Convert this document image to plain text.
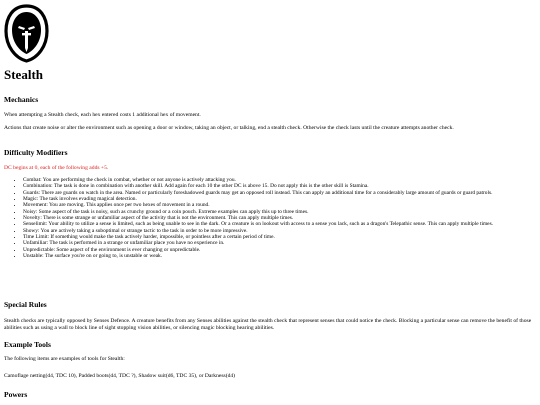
Stealth
Mechanics

When attempting a Stealth check, each hex entered costs 1 additional hex of movement.

Actions that create noise or alter the environment such as opening a door or window, taking an object, or talking, end a stealth check. Otherwise the check lasts until the creature attempts another check.

Difficulty Modifiers

DC begins at 0, each of the following adds +5.

• Combat: You are performing the check in combat, whether or not anyone is actively attacking you.
• Combination: The task is done in combination with another skill. Add again for each 10 the other DC is above 15. Do not apply this is the other skill is Stamina.
• Guards: There are guards on watch in the area. Named or particularly foreshadowed guards may get an opposed roll instead. This can apply an additional time for a considerably large amount of guards or guard patrols.
• Magic: The task involves evading magical detection.
• Movement: You are moving. This applies once per two hexes of movement in a round.
• Noisy: Some aspect of the task is noisy, such as crunchy ground or a coin pouch. Extreme examples can apply this up to three times.
• Novelty: There is some strange or unfamiliar aspect of the activity that is not the environment. This can apply multiple times.
• Senselimit: Your ability to utilize a sense is limited, such as being unable to see in the dark. Or a creature is on lookout with access to a sense you lack, such as a dragon's Telepathic sense. This can apply multiple times.
• Showy: You are actively taking a suboptimal or strange tactic to the task in order to be more impressive.
• Time Limit: If something would make the task actively harder, impossible, or pointless after a certain period of time.
• Unfamiliar: The task is performed in a strange or unfamiliar place you have no experience in.
• Unpredictable: Some aspect of the environment is ever changing or unpredictable.
• Unstable: The surface you're on or going to, is unstable or weak.
Special Rules

Stealth checks are typically opposed by Senses Defence. A creature benefits from any Senses abilities against the stealth check that represent senses that could notice the check. Blocking a particular sense can remove the benefit of those abilities such as using a wall to block line of sight stopping vision abilities, or silencing magic blocking hearing abilities.

Example Tools

The following items are examples of tools for Stealth:

Camoflage netting(d4, TDC 10), Padded boots(d4, TDC ?), Shadow suit(d6, TDC 35), or Darkness(d4)

Powers
